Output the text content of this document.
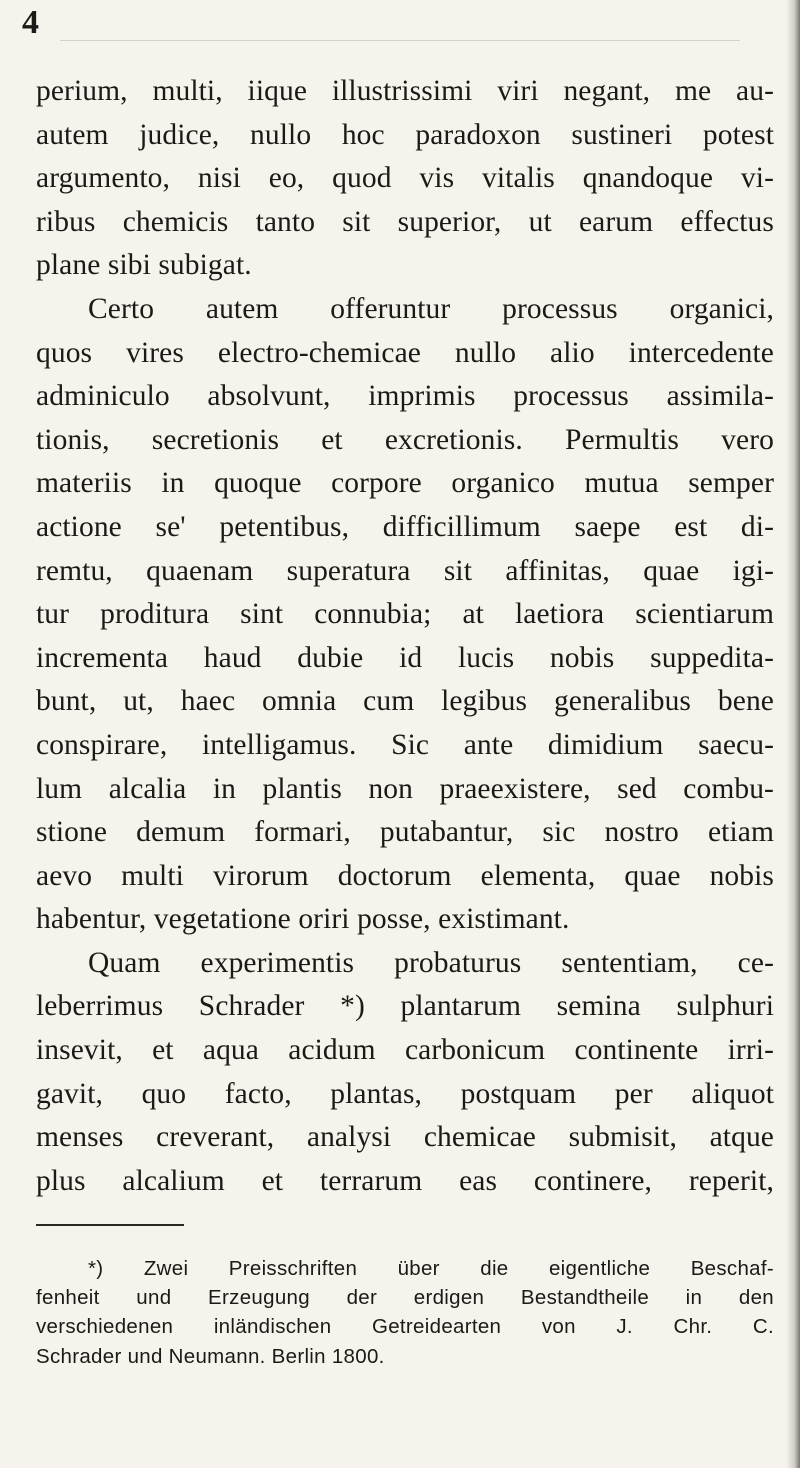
4
perium, multi, iique illustrissimi viri negant, me au-
autem judice, nullo hoc paradoxon sustineri potest
argumento, nisi eo, quod vis vitalis qnandoque vi-
ribus chemicis tanto sit superior, ut earum effectus
plane sibi subigat.
Certo autem offeruntur processus organici,
quos vires electro-chemicae nullo alio intercedente
adminiculo absolvunt, imprimis processus assimila-
tionis, secretionis et excretionis. Permultis vero
materiis in quoque corpore organico mutua semper
actione se' petentibus, difficillimum saepe est di-
remtu, quaenam superatura sit affinitas, quae igi-
tur proditura sint connubia; at laetiora scientiarum
incrementa haud dubie id lucis nobis suppedita-
bunt, ut, haec omnia cum legibus generalibus bene
conspirare, intelligamus. Sic ante dimidium saecu-
lum alcalia in plantis non praeexistere, sed combu-
stione demum formari, putabantur, sic nostro etiam
aevo multi virorum doctorum elementa, quae nobis
habentur, vegetatione oriri posse, existimant.
Quam experimentis probaturus sententiam, ce-
leberrimus Schrader *) plantarum semina sulphuri
insevit, et aqua acidum carbonicum continente irri-
gavit, quo facto, plantas, postquam per aliquot
menses creverant, analysi chemicae submisit, atque
plus alcalium et terrarum eas continere, reperit,
*) Zwei Preisschriften über die eigentliche Beschaf-
fenheit und Erzeugung der erdigen Bestandtheile in den
verschiedenen inländischen Getreidearten von J. Chr. C.
Schrader und Neumann. Berlin 1800.
